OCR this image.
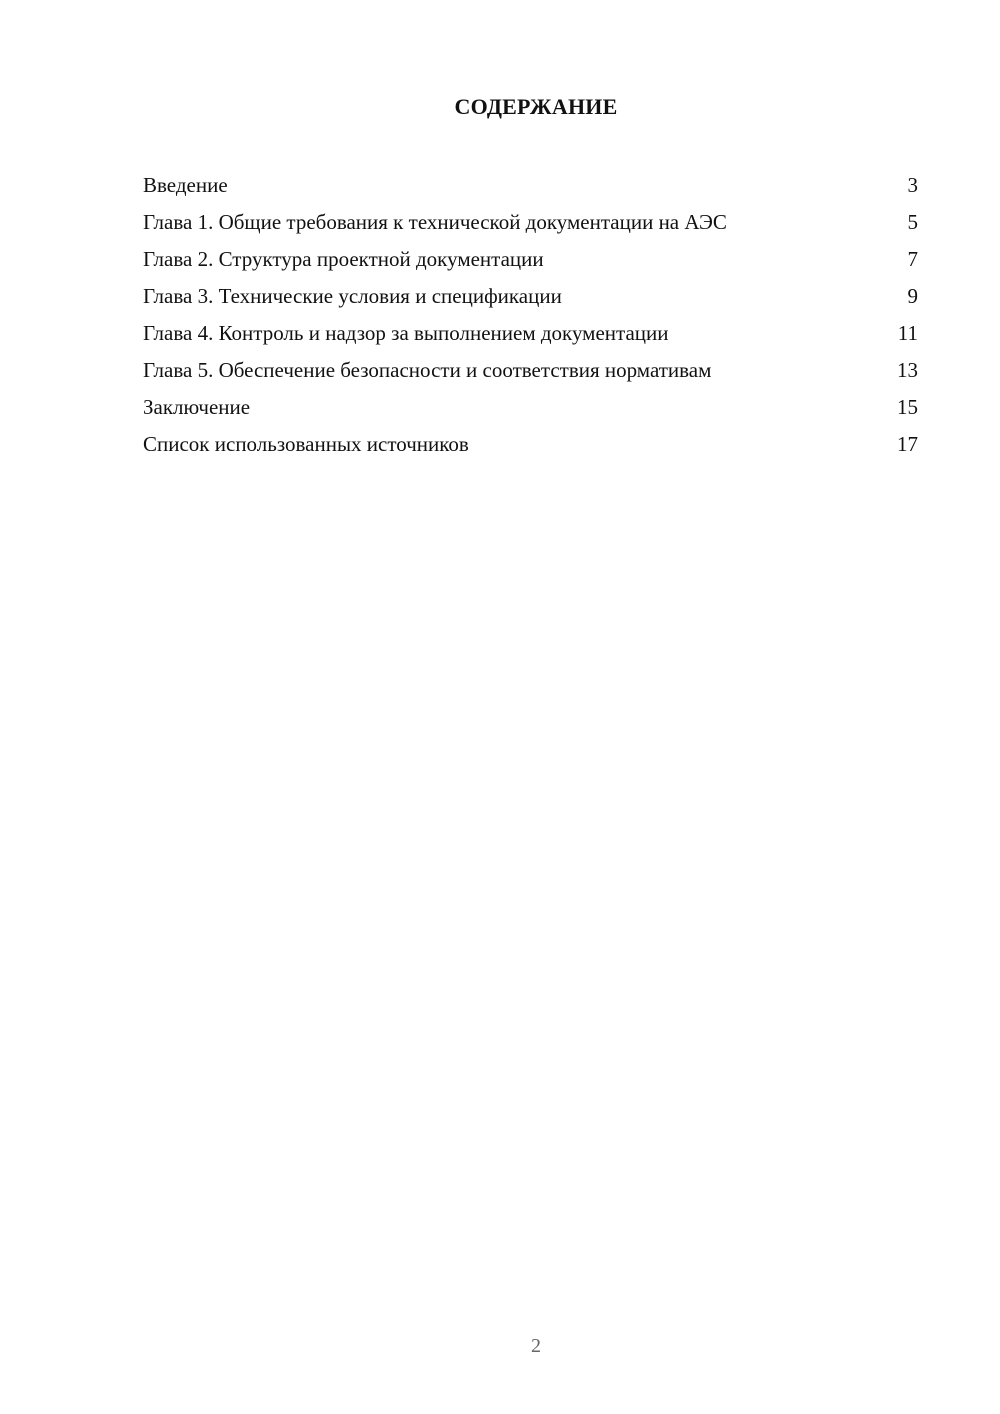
СОДЕРЖАНИЕ
Введение	3
Глава 1. Общие требования к технической документации на АЭС	5
Глава 2. Структура проектной документации	7
Глава 3. Технические условия и спецификации	9
Глава 4. Контроль и надзор за выполнением документации	11
Глава 5. Обеспечение безопасности и соответствия нормативам	13
Заключение	15
Список использованных источников	17
2
